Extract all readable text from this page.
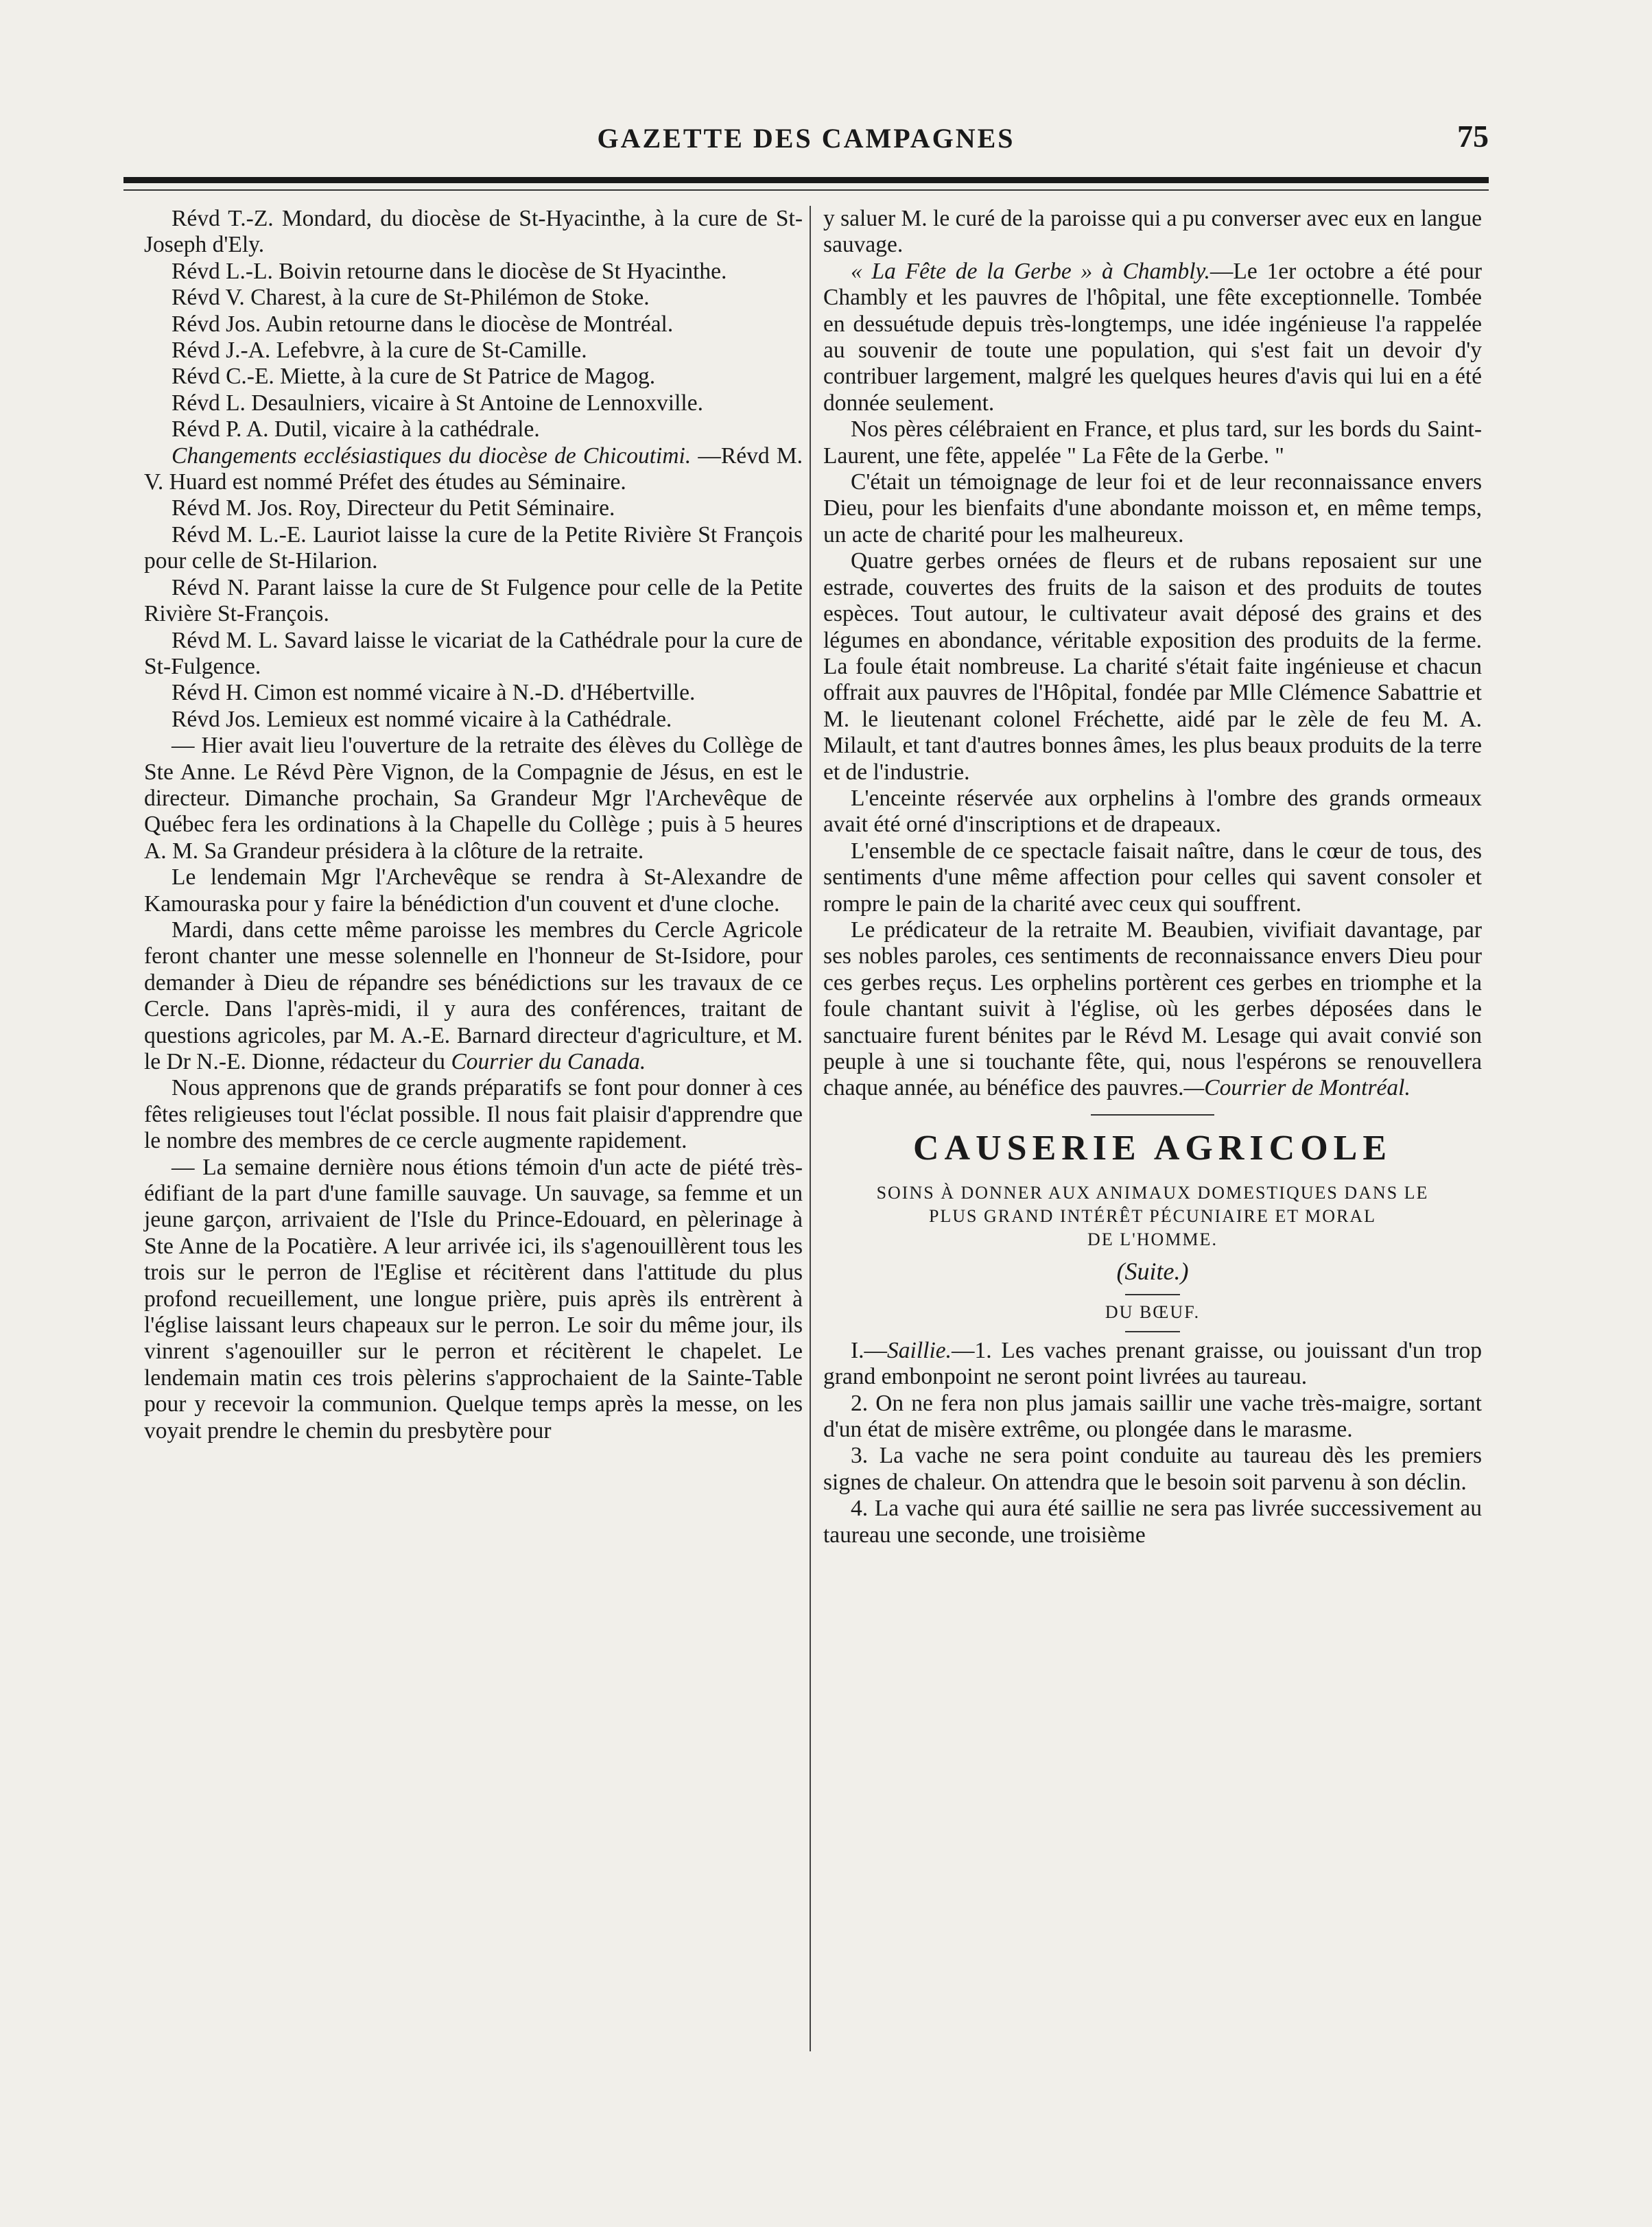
GAZETTE DES CAMPAGNES	75

Révd T.-Z. Mondard, du diocèse de St-Hyacinthe, à la cure de St-Joseph d'Ely.

Révd L.-L. Boivin retourne dans le diocèse de St Hyacinthe.

Révd V. Charest, à la cure de St-Philémon de Stoke.

Révd Jos. Aubin retourne dans le diocèse de Montréal.

Révd J.-A. Lefebvre, à la cure de St-Camille.

Révd C.-E. Miette, à la cure de St Patrice de Magog.

Révd L. Desaulniers, vicaire à St Antoine de Lennoxville.

Révd P. A. Dutil, vicaire à la cathédrale.

Changements ecclésiastiques du diocèse de Chicoutimi. —Révd M. V. Huard est nommé Préfet des études au Séminaire.

Révd M. Jos. Roy, Directeur du Petit Séminaire.

Révd M. L.-E. Lauriot laisse la cure de la Petite Rivière St François pour celle de St-Hilarion.

Révd N. Parant laisse la cure de St Fulgence pour celle de la Petite Rivière St-François.

Révd M. L. Savard laisse le vicariat de la Cathédrale pour la cure de St-Fulgence.

Révd H. Cimon est nommé vicaire à N.-D. d'Hébertville.

Révd Jos. Lemieux est nommé vicaire à la Cathédrale.

— Hier avait lieu l'ouverture de la retraite des élèves du Collège de Ste Anne. Le Révd Père Vignon, de la Compagnie de Jésus, en est le directeur. Dimanche prochain, Sa Grandeur Mgr l'Archevêque de Québec fera les ordinations à la Chapelle du Collège ; puis à 5 heures A. M. Sa Grandeur présidera à la clôture de la retraite.

Le lendemain Mgr l'Archevêque se rendra à St-Alexandre de Kamouraska pour y faire la bénédiction d'un couvent et d'une cloche.

Mardi, dans cette même paroisse les membres du Cercle Agricole feront chanter une messe solennelle en l'honneur de St-Isidore, pour demander à Dieu de répandre ses bénédictions sur les travaux de ce Cercle. Dans l'après-midi, il y aura des conférences, traitant de questions agricoles, par M. A.-E. Barnard directeur d'agriculture, et M. le Dr N.-E. Dionne, rédacteur du Courrier du Canada.

Nous apprenons que de grands préparatifs se font pour donner à ces fêtes religieuses tout l'éclat possible. Il nous fait plaisir d'apprendre que le nombre des membres de ce cercle augmente rapidement.

— La semaine dernière nous étions témoin d'un acte de piété très-édifiant de la part d'une famille sauvage. Un sauvage, sa femme et un jeune garçon, arrivaient de l'Isle du Prince-Edouard, en pèlerinage à Ste Anne de la Pocatière. A leur arrivée ici, ils s'agenouillèrent tous les trois sur le perron de l'Eglise et récitèrent dans l'attitude du plus profond recueillement, une longue prière, puis après ils entrèrent à l'église laissant leurs chapeaux sur le perron. Le soir du même jour, ils vinrent s'agenouiller sur le perron et récitèrent le chapelet. Le lendemain matin ces trois pèlerins s'approchaient de la Sainte-Table pour y recevoir la communion. Quelque temps après la messe, on les voyait prendre le chemin du presbytère pour

y saluer M. le curé de la paroisse qui a pu converser avec eux en langue sauvage.

« La Fête de la Gerbe » à Chambly.—Le 1er octobre a été pour Chambly et les pauvres de l'hôpital, une fête exceptionnelle. Tombée en dessuétude depuis très-longtemps, une idée ingénieuse l'a rappelée au souvenir de toute une population, qui s'est fait un devoir d'y contribuer largement, malgré les quelques heures d'avis qui lui en a été donnée seulement.

Nos pères célébraient en France, et plus tard, sur les bords du Saint-Laurent, une fête, appelée " La Fête de la Gerbe. "

C'était un témoignage de leur foi et de leur reconnaissance envers Dieu, pour les bienfaits d'une abondante moisson et, en même temps, un acte de charité pour les malheureux.

Quatre gerbes ornées de fleurs et de rubans reposaient sur une estrade, couvertes des fruits de la saison et des produits de toutes espèces. Tout autour, le cultivateur avait déposé des grains et des légumes en abondance, véritable exposition des produits de la ferme. La foule était nombreuse. La charité s'était faite ingénieuse et chacun offrait aux pauvres de l'Hôpital, fondée par Mlle Clémence Sabattrie et M. le lieutenant colonel Fréchette, aidé par le zèle de feu M. A. Milault, et tant d'autres bonnes âmes, les plus beaux produits de la terre et de l'industrie.

L'enceinte réservée aux orphelins à l'ombre des grands ormeaux avait été orné d'inscriptions et de drapeaux.

L'ensemble de ce spectacle faisait naître, dans le cœur de tous, des sentiments d'une même affection pour celles qui savent consoler et rompre le pain de la charité avec ceux qui souffrent.

Le prédicateur de la retraite M. Beaubien, vivifiait davantage, par ses nobles paroles, ces sentiments de reconnaissance envers Dieu pour ces gerbes reçus. Les orphelins portèrent ces gerbes en triomphe et la foule chantant suivit à l'église, où les gerbes déposées dans le sanctuaire furent bénites par le Révd M. Lesage qui avait convié son peuple à une si touchante fête, qui, nous l'espérons se renouvellera chaque année, au bénéfice des pauvres.—Courrier de Montréal.

CAUSERIE AGRICOLE
SOINS À DONNER AUX ANIMAUX DOMESTIQUES DANS LE
PLUS GRAND INTÉRÊT PÉCUNIAIRE ET MORAL
DE L'HOMME.
(Suite.)
DU BŒUF.

I.—Saillie.—1. Les vaches prenant graisse, ou jouissant d'un trop grand embonpoint ne seront point livrées au taureau.

2. On ne fera non plus jamais saillir une vache très-maigre, sortant d'un état de misère extrême, ou plongée dans le marasme.

3. La vache ne sera point conduite au taureau dès les premiers signes de chaleur. On attendra que le besoin soit parvenu à son déclin.

4. La vache qui aura été saillie ne sera pas livrée successivement au taureau une seconde, une troisième
